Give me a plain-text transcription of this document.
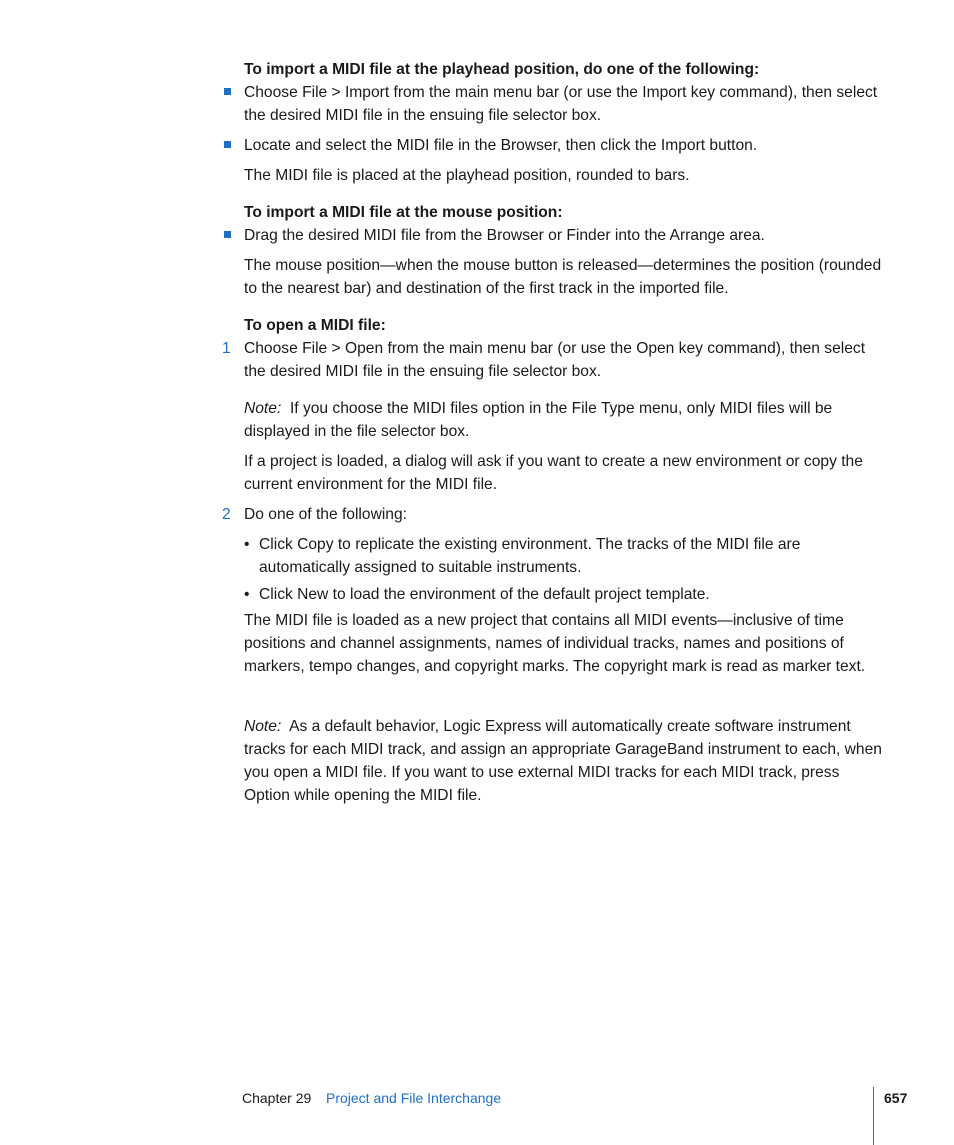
To import a MIDI file at the playhead position, do one of the following:
Choose File > Import from the main menu bar (or use the Import key command), then select the desired MIDI file in the ensuing file selector box.
Locate and select the MIDI file in the Browser, then click the Import button.
The MIDI file is placed at the playhead position, rounded to bars.
To import a MIDI file at the mouse position:
Drag the desired MIDI file from the Browser or Finder into the Arrange area.
The mouse position—when the mouse button is released—determines the position (rounded to the nearest bar) and destination of the first track in the imported file.
To open a MIDI file:
1 Choose File > Open from the main menu bar (or use the Open key command), then select the desired MIDI file in the ensuing file selector box.
Note: If you choose the MIDI files option in the File Type menu, only MIDI files will be displayed in the file selector box.
If a project is loaded, a dialog will ask if you want to create a new environment or copy the current environment for the MIDI file.
2 Do one of the following:
• Click Copy to replicate the existing environment. The tracks of the MIDI file are automatically assigned to suitable instruments.
• Click New to load the environment of the default project template.
The MIDI file is loaded as a new project that contains all MIDI events—inclusive of time positions and channel assignments, names of individual tracks, names and positions of markers, tempo changes, and copyright marks. The copyright mark is read as marker text.
Note: As a default behavior, Logic Express will automatically create software instrument tracks for each MIDI track, and assign an appropriate GarageBand instrument to each, when you open a MIDI file. If you want to use external MIDI tracks for each MIDI track, press Option while opening the MIDI file.
Chapter 29 Project and File Interchange	657
